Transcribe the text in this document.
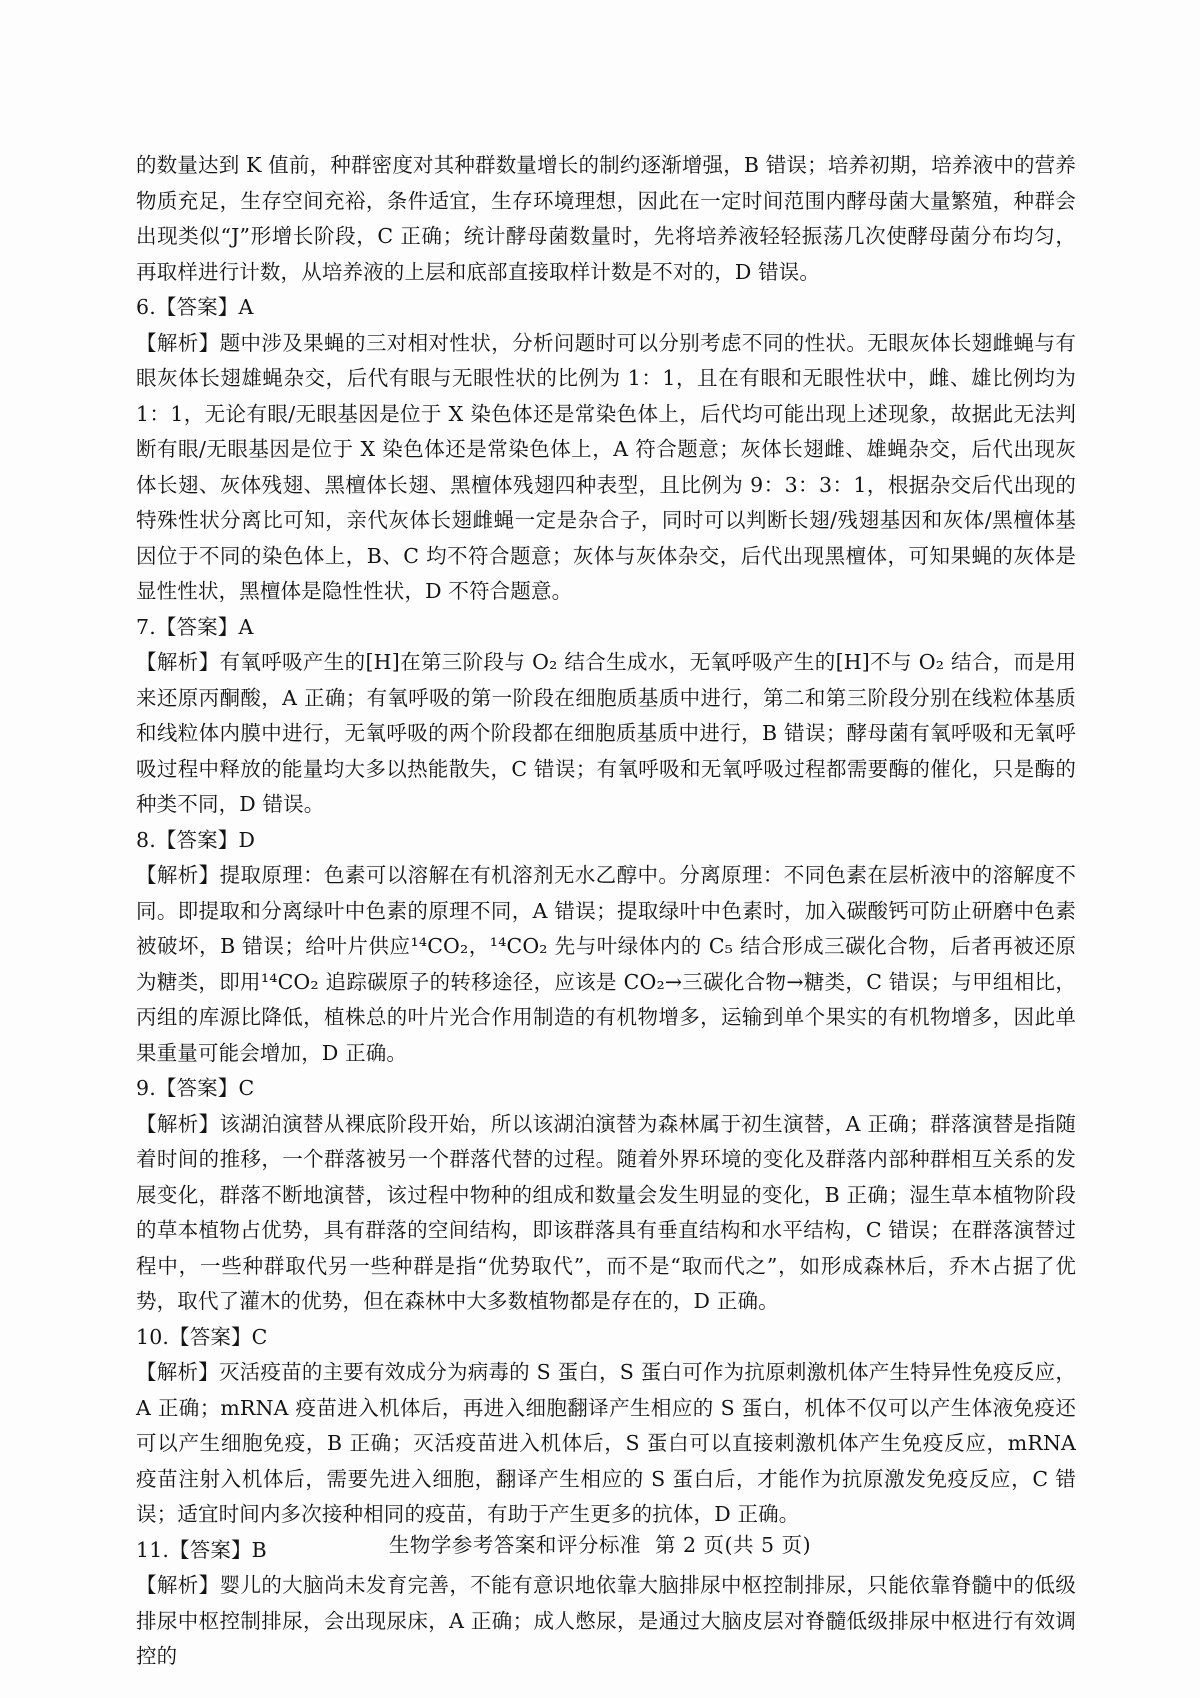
的数量达到 K 值前，种群密度对其种群数量增长的制约逐渐增强，B 错误；培养初期，培养液中的营养物质充足，生存空间充裕，条件适宜，生存环境理想，因此在一定时间范围内酵母菌大量繁殖，种群会出现类似“J”形增长阶段，C 正确；统计酵母菌数量时，先将培养液轻轻振荡几次使酵母菌分布均匀，再取样进行计数，从培养液的上层和底部直接取样计数是不对的，D 错误。

6.【答案】A

【解析】题中涉及果蝇的三对相对性状，分析问题时可以分别考虑不同的性状。无眼灰体长翅雌蝇与有眼灰体长翅雄蝇杂交，后代有眼与无眼性状的比例为 1：1，且在有眼和无眼性状中，雌、雄比例均为 1：1，无论有眼/无眼基因是位于 X 染色体还是常染色体上，后代均可能出现上述现象，故据此无法判断有眼/无眼基因是位于 X 染色体还是常染色体上，A 符合题意；灰体长翅雌、雄蝇杂交，后代出现灰体长翅、灰体残翅、黑檀体长翅、黑檀体残翅四种表型，且比例为 9：3：3：1，根据杂交后代出现的特殊性状分离比可知，亲代灰体长翅雌蝇一定是杂合子，同时可以判断长翅/残翅基因和灰体/黑檀体基因位于不同的染色体上，B、C 均不符合题意；灰体与灰体杂交，后代出现黑檀体，可知果蝇的灰体是显性性状，黑檀体是隐性性状，D 不符合题意。

7.【答案】A

【解析】有氧呼吸产生的[H]在第三阶段与 O₂ 结合生成水，无氧呼吸产生的[H]不与 O₂ 结合，而是用来还原丙酮酸，A 正确；有氧呼吸的第一阶段在细胞质基质中进行，第二和第三阶段分别在线粒体基质和线粒体内膜中进行，无氧呼吸的两个阶段都在细胞质基质中进行，B 错误；酵母菌有氧呼吸和无氧呼吸过程中释放的能量均大多以热能散失，C 错误；有氧呼吸和无氧呼吸过程都需要酶的催化，只是酶的种类不同，D 错误。

8.【答案】D

【解析】提取原理：色素可以溶解在有机溶剂无水乙醇中。分离原理：不同色素在层析液中的溶解度不同。即提取和分离绿叶中色素的原理不同，A 错误；提取绿叶中色素时，加入碳酸钙可防止研磨中色素被破坏，B 错误；给叶片供应¹⁴CO₂，¹⁴CO₂ 先与叶绿体内的 C₅ 结合形成三碳化合物，后者再被还原为糖类，即用¹⁴CO₂ 追踪碳原子的转移途径，应该是 CO₂→三碳化合物→糖类，C 错误；与甲组相比，丙组的库源比降低，植株总的叶片光合作用制造的有机物增多，运输到单个果实的有机物增多，因此单果重量可能会增加，D 正确。

9.【答案】C

【解析】该湖泊演替从裸底阶段开始，所以该湖泊演替为森林属于初生演替，A 正确；群落演替是指随着时间的推移，一个群落被另一个群落代替的过程。随着外界环境的变化及群落内部种群相互关系的发展变化，群落不断地演替，该过程中物种的组成和数量会发生明显的变化，B 正确；湿生草本植物阶段的草本植物占优势，具有群落的空间结构，即该群落具有垂直结构和水平结构，C 错误；在群落演替过程中，一些种群取代另一些种群是指“优势取代”，而不是“取而代之”，如形成森林后，乔木占据了优势，取代了灌木的优势，但在森林中大多数植物都是存在的，D 正确。

10.【答案】C

【解析】灭活疫苗的主要有效成分为病毒的 S 蛋白，S 蛋白可作为抗原刺激机体产生特异性免疫反应，A 正确；mRNA 疫苗进入机体后，再进入细胞翻译产生相应的 S 蛋白，机体不仅可以产生体液免疫还可以产生细胞免疫，B 正确；灭活疫苗进入机体后，S 蛋白可以直接刺激机体产生免疫反应，mRNA 疫苗注射入机体后，需要先进入细胞，翻译产生相应的 S 蛋白后，才能作为抗原激发免疫反应，C 错误；适宜时间内多次接种相同的疫苗，有助于产生更多的抗体，D 正确。

11.【答案】B

【解析】婴儿的大脑尚未发育完善，不能有意识地依靠大脑排尿中枢控制排尿，只能依靠脊髓中的低级排尿中枢控制排尿，会出现尿床，A 正确；成人憋尿，是通过大脑皮层对脊髓低级排尿中枢进行有效调控的

生物学参考答案和评分标准 第 2 页(共 5 页)
